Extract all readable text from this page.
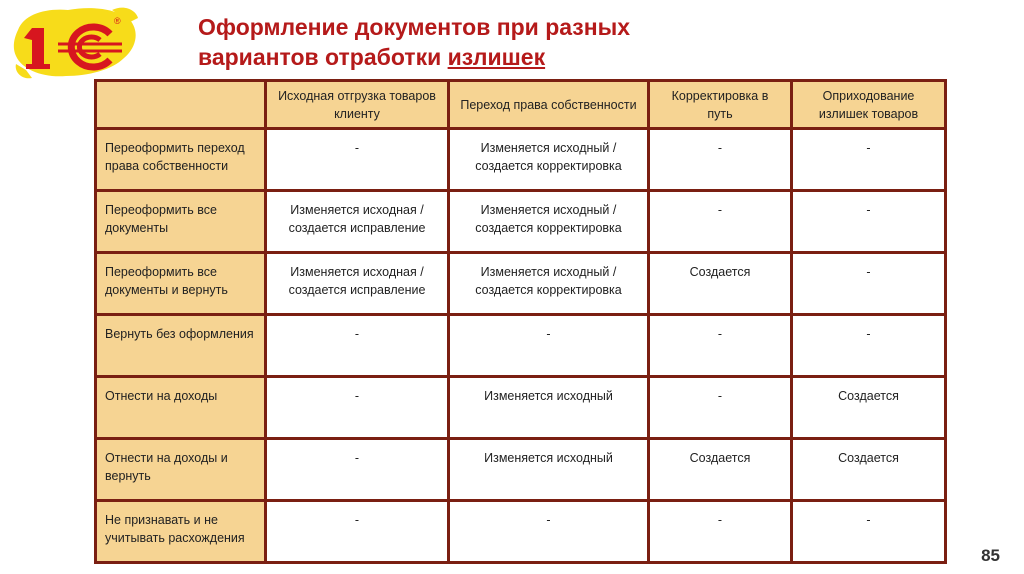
®	Оформление документов при разных
вариантов отработки излишек
	Исходная отгрузка товаров клиенту	Переход права собственности	Корректировка в путь	Оприходование излишек товаров
Переоформить переход права собственности	-	Изменяется исходный / создается корректировка	-	-
Переоформить все документы	Изменяется исходная / создается исправление	Изменяется исходный / создается корректировка	-	-
Переоформить все документы и вернуть	Изменяется исходная / создается исправление	Изменяется исходный / создается корректировка	Создается	-
Вернуть без оформления	-	-	-	-
Отнести на доходы	-	Изменяется исходный	-	Создается
Отнести на доходы и вернуть	-	Изменяется исходный	Создается	Создается
Не признавать и не учитывать расхождения	-	-	-	-
85
